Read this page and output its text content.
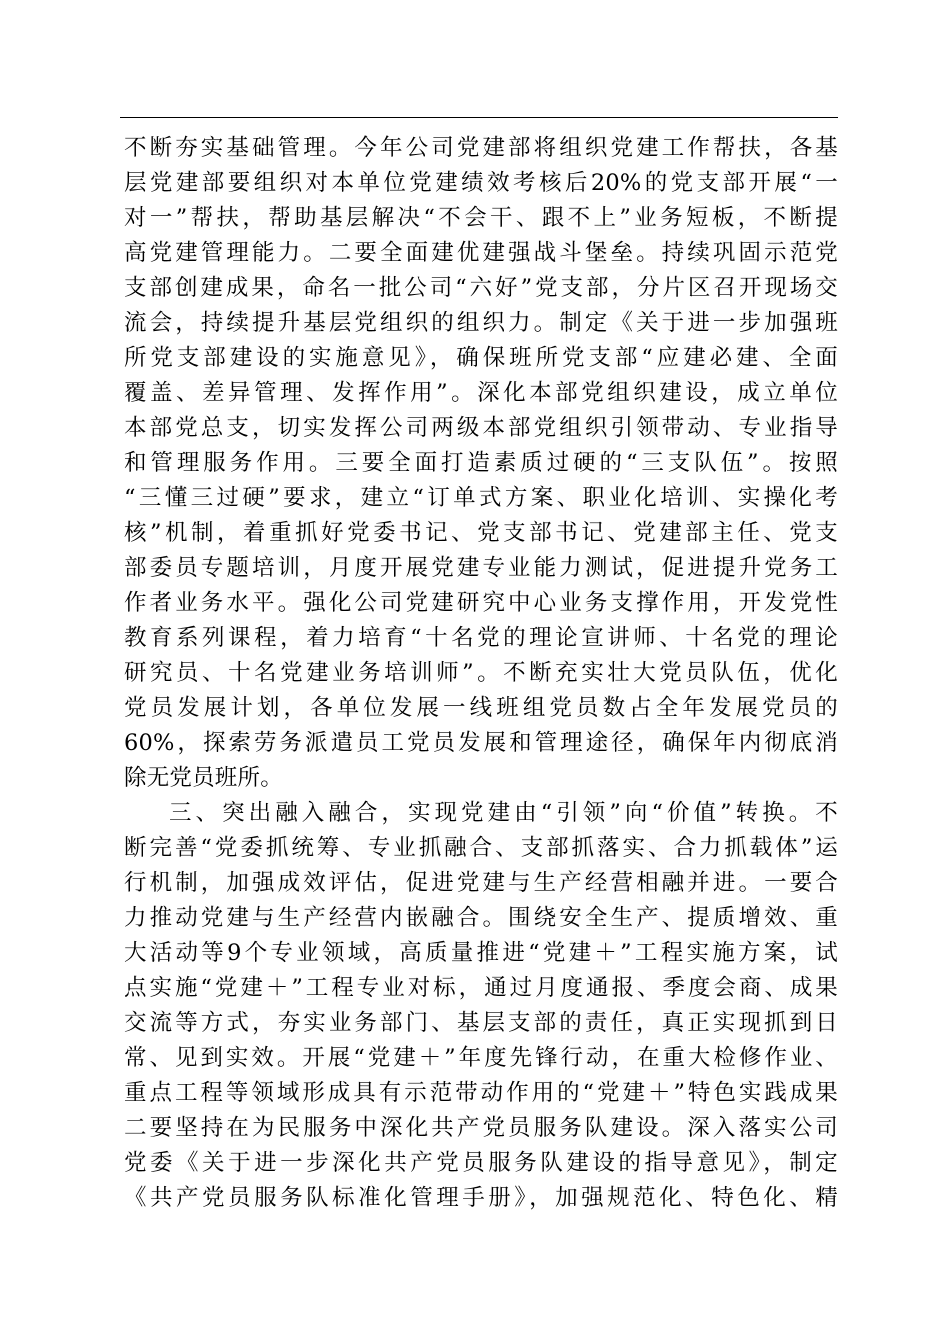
不断夯实基础管理。今年公司党建部将组织党建工作帮扶，各基
层党建部要组织对本单位党建绩效考核后20%的党支部开展“一
对一”帮扶，帮助基层解决“不会干、跟不上”业务短板，不断提
高党建管理能力。二要全面建优建强战斗堡垒。持续巩固示范党
支部创建成果，命名一批公司“六好”党支部，分片区召开现场交
流会，持续提升基层党组织的组织力。制定《关于进一步加强班
所党支部建设的实施意见》，确保班所党支部“应建必建、全面
覆盖、差异管理、发挥作用”。深化本部党组织建设，成立单位
本部党总支，切实发挥公司两级本部党组织引领带动、专业指导
和管理服务作用。三要全面打造素质过硬的“三支队伍”。按照
“三懂三过硬”要求，建立“订单式方案、职业化培训、实操化考
核”机制，着重抓好党委书记、党支部书记、党建部主任、党支
部委员专题培训，月度开展党建专业能力测试，促进提升党务工
作者业务水平。强化公司党建研究中心业务支撑作用，开发党性
教育系列课程，着力培育“十名党的理论宣讲师、十名党的理论
研究员、十名党建业务培训师”。不断充实壮大党员队伍，优化
党员发展计划，各单位发展一线班组党员数占全年发展党员的
60%，探索劳务派遣员工党员发展和管理途径，确保年内彻底消
除无党员班所。
三、突出融入融合，实现党建由“引领”向“价值”转换。不
断完善“党委抓统筹、专业抓融合、支部抓落实、合力抓载体”运
行机制，加强成效评估，促进党建与生产经营相融并进。一要合
力推动党建与生产经营内嵌融合。围绕安全生产、提质增效、重
大活动等9个专业领域，高质量推进“党建＋”工程实施方案，试
点实施“党建＋”工程专业对标，通过月度通报、季度会商、成果
交流等方式，夯实业务部门、基层支部的责任，真正实现抓到日
常、见到实效。开展“党建＋”年度先锋行动，在重大检修作业、
重点工程等领域形成具有示范带动作用的“党建＋”特色实践成果
二要坚持在为民服务中深化共产党员服务队建设。深入落实公司
党委《关于进一步深化共产党员服务队建设的指导意见》，制定
《共产党员服务队标准化管理手册》，加强规范化、特色化、精
